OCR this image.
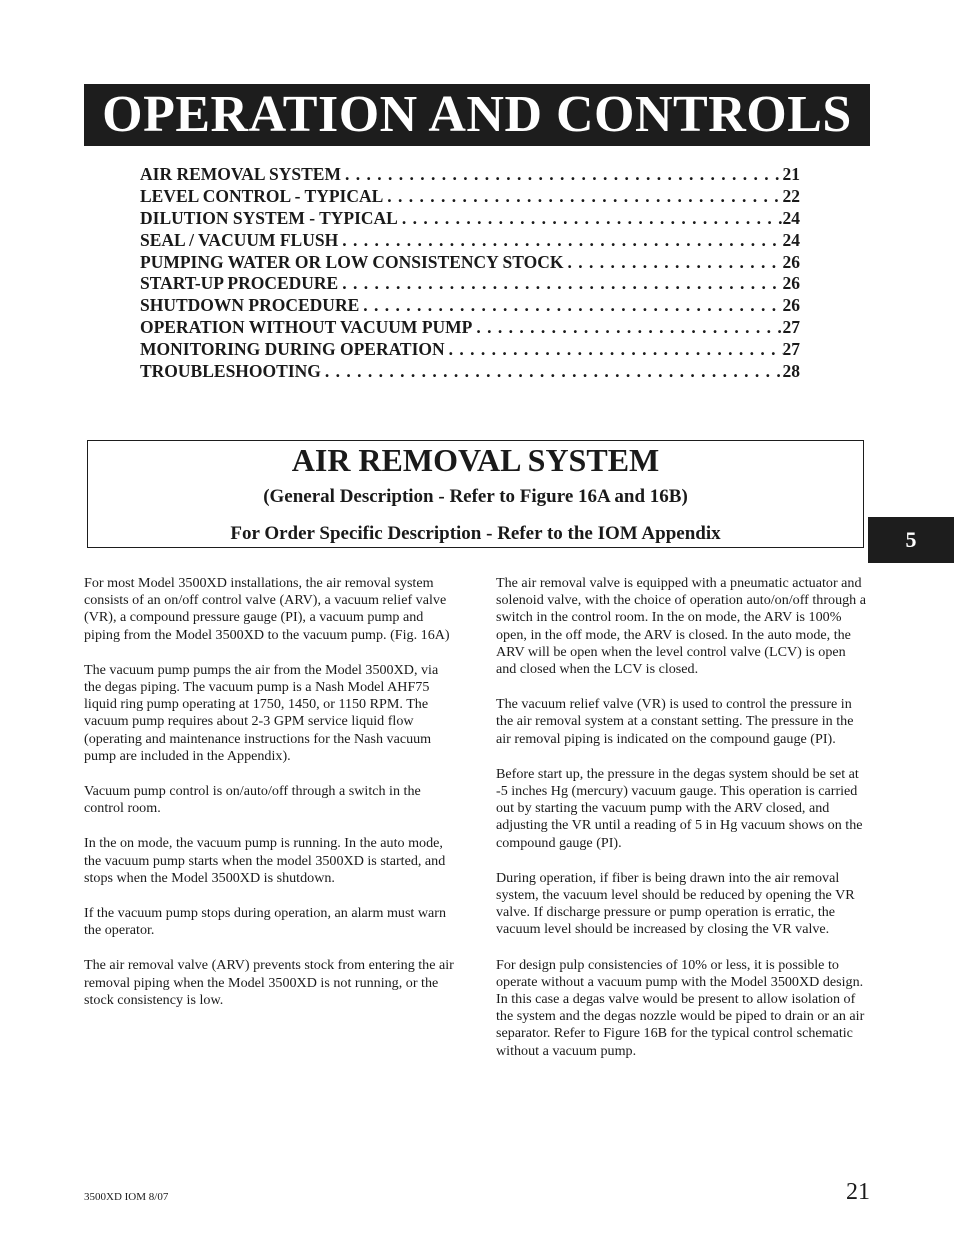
OPERATION AND CONTROLS
AIR REMOVAL SYSTEM . . .	21
LEVEL CONTROL - TYPICAL . . .	22
DILUTION SYSTEM - TYPICAL . . .	24
SEAL / VACUUM FLUSH . . .	24
PUMPING WATER OR LOW CONSISTENCY STOCK . . .	26
START-UP PROCEDURE . . .	26
SHUTDOWN PROCEDURE . . .	26
OPERATION WITHOUT VACUUM PUMP . . .	27
MONITORING DURING OPERATION . . .	27
TROUBLESHOOTING . . .	28
AIR REMOVAL SYSTEM
(General Description - Refer to Figure 16A and 16B)
For Order Specific Description - Refer to the IOM Appendix	5

For most Model 3500XD installations, the air removal system consists of an on/off control valve (ARV), a vacuum relief valve (VR), a compound pressure gauge (PI), a vacuum pump and piping from the Model 3500XD to the vacuum pump. (Fig. 16A)

The vacuum pump pumps the air from the Model 3500XD, via the degas piping. The vacuum pump is a Nash Model AHF75 liquid ring pump operating at 1750, 1450, or 1150 RPM. The vacuum pump requires about 2-3 GPM service liquid flow (operating and maintenance instructions for the Nash vacuum pump are included in the Appendix).

Vacuum pump control is on/auto/off through a switch in the control room.

In the on mode, the vacuum pump is running. In the auto mode, the vacuum pump starts when the model 3500XD is started, and stops when the Model 3500XD is shutdown.

If the vacuum pump stops during operation, an alarm must warn the operator.

The air removal valve (ARV) prevents stock from entering the air removal piping when the Model 3500XD is not running, or the stock consistency is low.

The air removal valve is equipped with a pneumatic actuator and solenoid valve, with the choice of operation auto/on/off through a switch in the control room. In the on mode, the ARV is 100% open, in the off mode, the ARV is closed. In the auto mode, the ARV will be open when the level control valve (LCV) is open and closed when the LCV is closed.

The vacuum relief valve (VR) is used to control the pressure in the air removal system at a constant setting. The pressure in the air removal piping is indicated on the compound gauge (PI).

Before start up, the pressure in the degas system should be set at -5 inches Hg (mercury) vacuum gauge. This operation is carried out by starting the vacuum pump with the ARV closed, and adjusting the VR until a reading of 5 in Hg vacuum shows on the compound gauge (PI).

During operation, if fiber is being drawn into the air removal system, the vacuum level should be reduced by opening the VR valve. If discharge pressure or pump operation is erratic, the vacuum level should be increased by closing the VR valve.

For design pulp consistencies of 10% or less, it is possible to operate without a vacuum pump with the Model 3500XD design. In this case a degas valve would be present to allow isolation of the system and the degas nozzle would be piped to drain or an air separator. Refer to Figure 16B for the typical control schematic without a vacuum pump.

3500XD IOM 8/07	21
